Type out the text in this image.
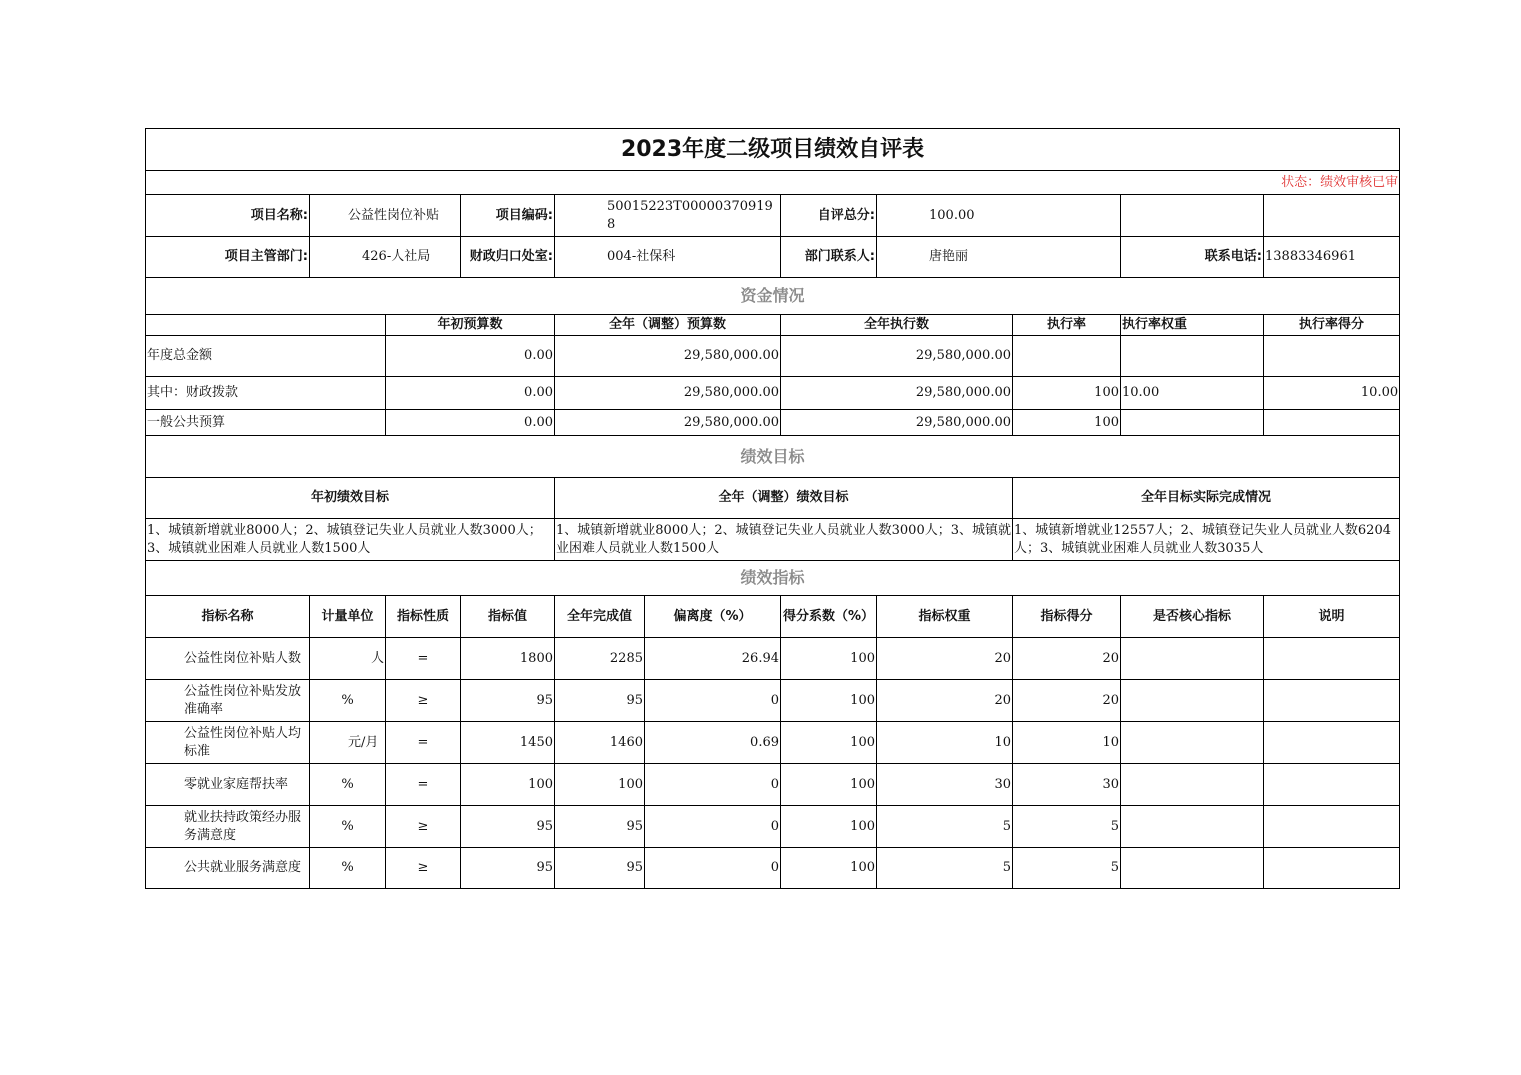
2023年度二级项目绩效自评表										
状态：绩效审核已审										
项目名称:	公益性岗位补贴		项目编码:	50015223T000003709198		自评总分:	100.00			
项目主管部门:	426-人社局		财政归口处室:	004-社保科		部门联系人:	唐艳丽		联系电话:	13883346961
资金情况										
		年初预算数		全年（调整）预算数		全年执行数		执行率	执行率权重	执行率得分
年度总金额		0.00		29,580,000.00		29,580,000.00				
其中：财政拨款		0.00		29,580,000.00		29,580,000.00		100	10.00	10.00
一般公共预算		0.00		29,580,000.00		29,580,000.00		100		
绩效目标										
年初绩效目标				全年（调整）绩效目标				全年目标实际完成情况		
1、城镇新增就业8000人；2、城镇登记失业人员就业人数3000人；3、城镇就业困难人员就业人数1500人				1、城镇新增就业8000人；2、城镇登记失业人员就业人数3000人；3、城镇就业困难人员就业人数1500人				1、城镇新增就业12557人；2、城镇登记失业人员就业人数6204人；3、城镇就业困难人员就业人数3035人		
绩效指标										
指标名称	计量单位	指标性质	指标值	全年完成值	偏离度（%）	得分系数（%）	指标权重	指标得分	是否核心指标	说明
公益性岗位补贴人数	人	=	1800	2285	26.94	100	20	20		
公益性岗位补贴发放准确率	%	≥	95	95	0	100	20	20		
公益性岗位补贴人均标准	元/月	=	1450	1460	0.69	100	10	10		
零就业家庭帮扶率	%	=	100	100	0	100	30	30		
就业扶持政策经办服务满意度	%	≥	95	95	0	100	5	5		
公共就业服务满意度	%	≥	95	95	0	100	5	5		
